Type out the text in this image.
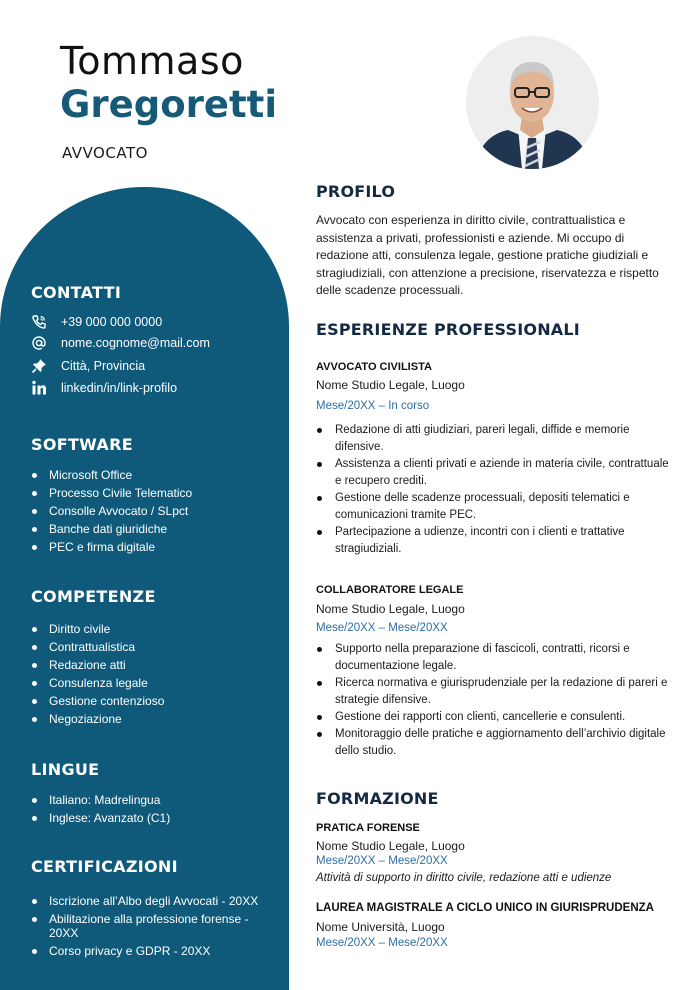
Tommaso
Gregoretti
AVVOCATO
CONTATTI
+39 000 000 0000
nome.cognome@mail.com
Città, Provincia
linkedin/in/link-profilo
SOFTWARE
Microsoft Office
Processo Civile Telematico
Consolle Avvocato / SLpct
Banche dati giuridiche
PEC e firma digitale
COMPETENZE
Diritto civile
Contrattualistica
Redazione atti
Consulenza legale
Gestione contenzioso
Negoziazione
LINGUE
Italiano: Madrelingua
Inglese: Avanzato (C1)
CERTIFICAZIONI
Iscrizione all’Albo degli Avvocati - 20XX
Abilitazione alla professione forense - 20XX
Corso privacy e GDPR - 20XX
PROFILO

Avvocato con esperienza in diritto civile, contrattualistica e assistenza a privati, professionisti e aziende. Mi occupo di redazione atti, consulenza legale, gestione pratiche giudiziali e stragiudiziali, con attenzione a precisione, riservatezza e rispetto delle scadenze processuali.

ESPERIENZE PROFESSIONALI

AVVOCATO CIVILISTA

Nome Studio Legale, Luogo

Mese/20XX – In corso

Redazione di atti giudiziari, pareri legali, diffide e memorie difensive.
Assistenza a clienti privati e aziende in materia civile, contrattuale e recupero crediti.
Gestione delle scadenze processuali, depositi telematici e comunicazioni tramite PEC.
Partecipazione a udienze, incontri con i clienti e trattative stragiudiziali.

COLLABORATORE LEGALE

Nome Studio Legale, Luogo

Mese/20XX – Mese/20XX

Supporto nella preparazione di fascicoli, contratti, ricorsi e documentazione legale.
Ricerca normativa e giurisprudenziale per la redazione di pareri e strategie difensive.
Gestione dei rapporti con clienti, cancellerie e consulenti.
Monitoraggio delle pratiche e aggiornamento dell’archivio digitale dello studio.
FORMAZIONE

PRATICA FORENSE

Nome Studio Legale, Luogo

Mese/20XX – Mese/20XX

Attività di supporto in diritto civile, redazione atti e udienze

LAUREA MAGISTRALE A CICLO UNICO IN GIURISPRUDENZA

Nome Università, Luogo

Mese/20XX – Mese/20XX
